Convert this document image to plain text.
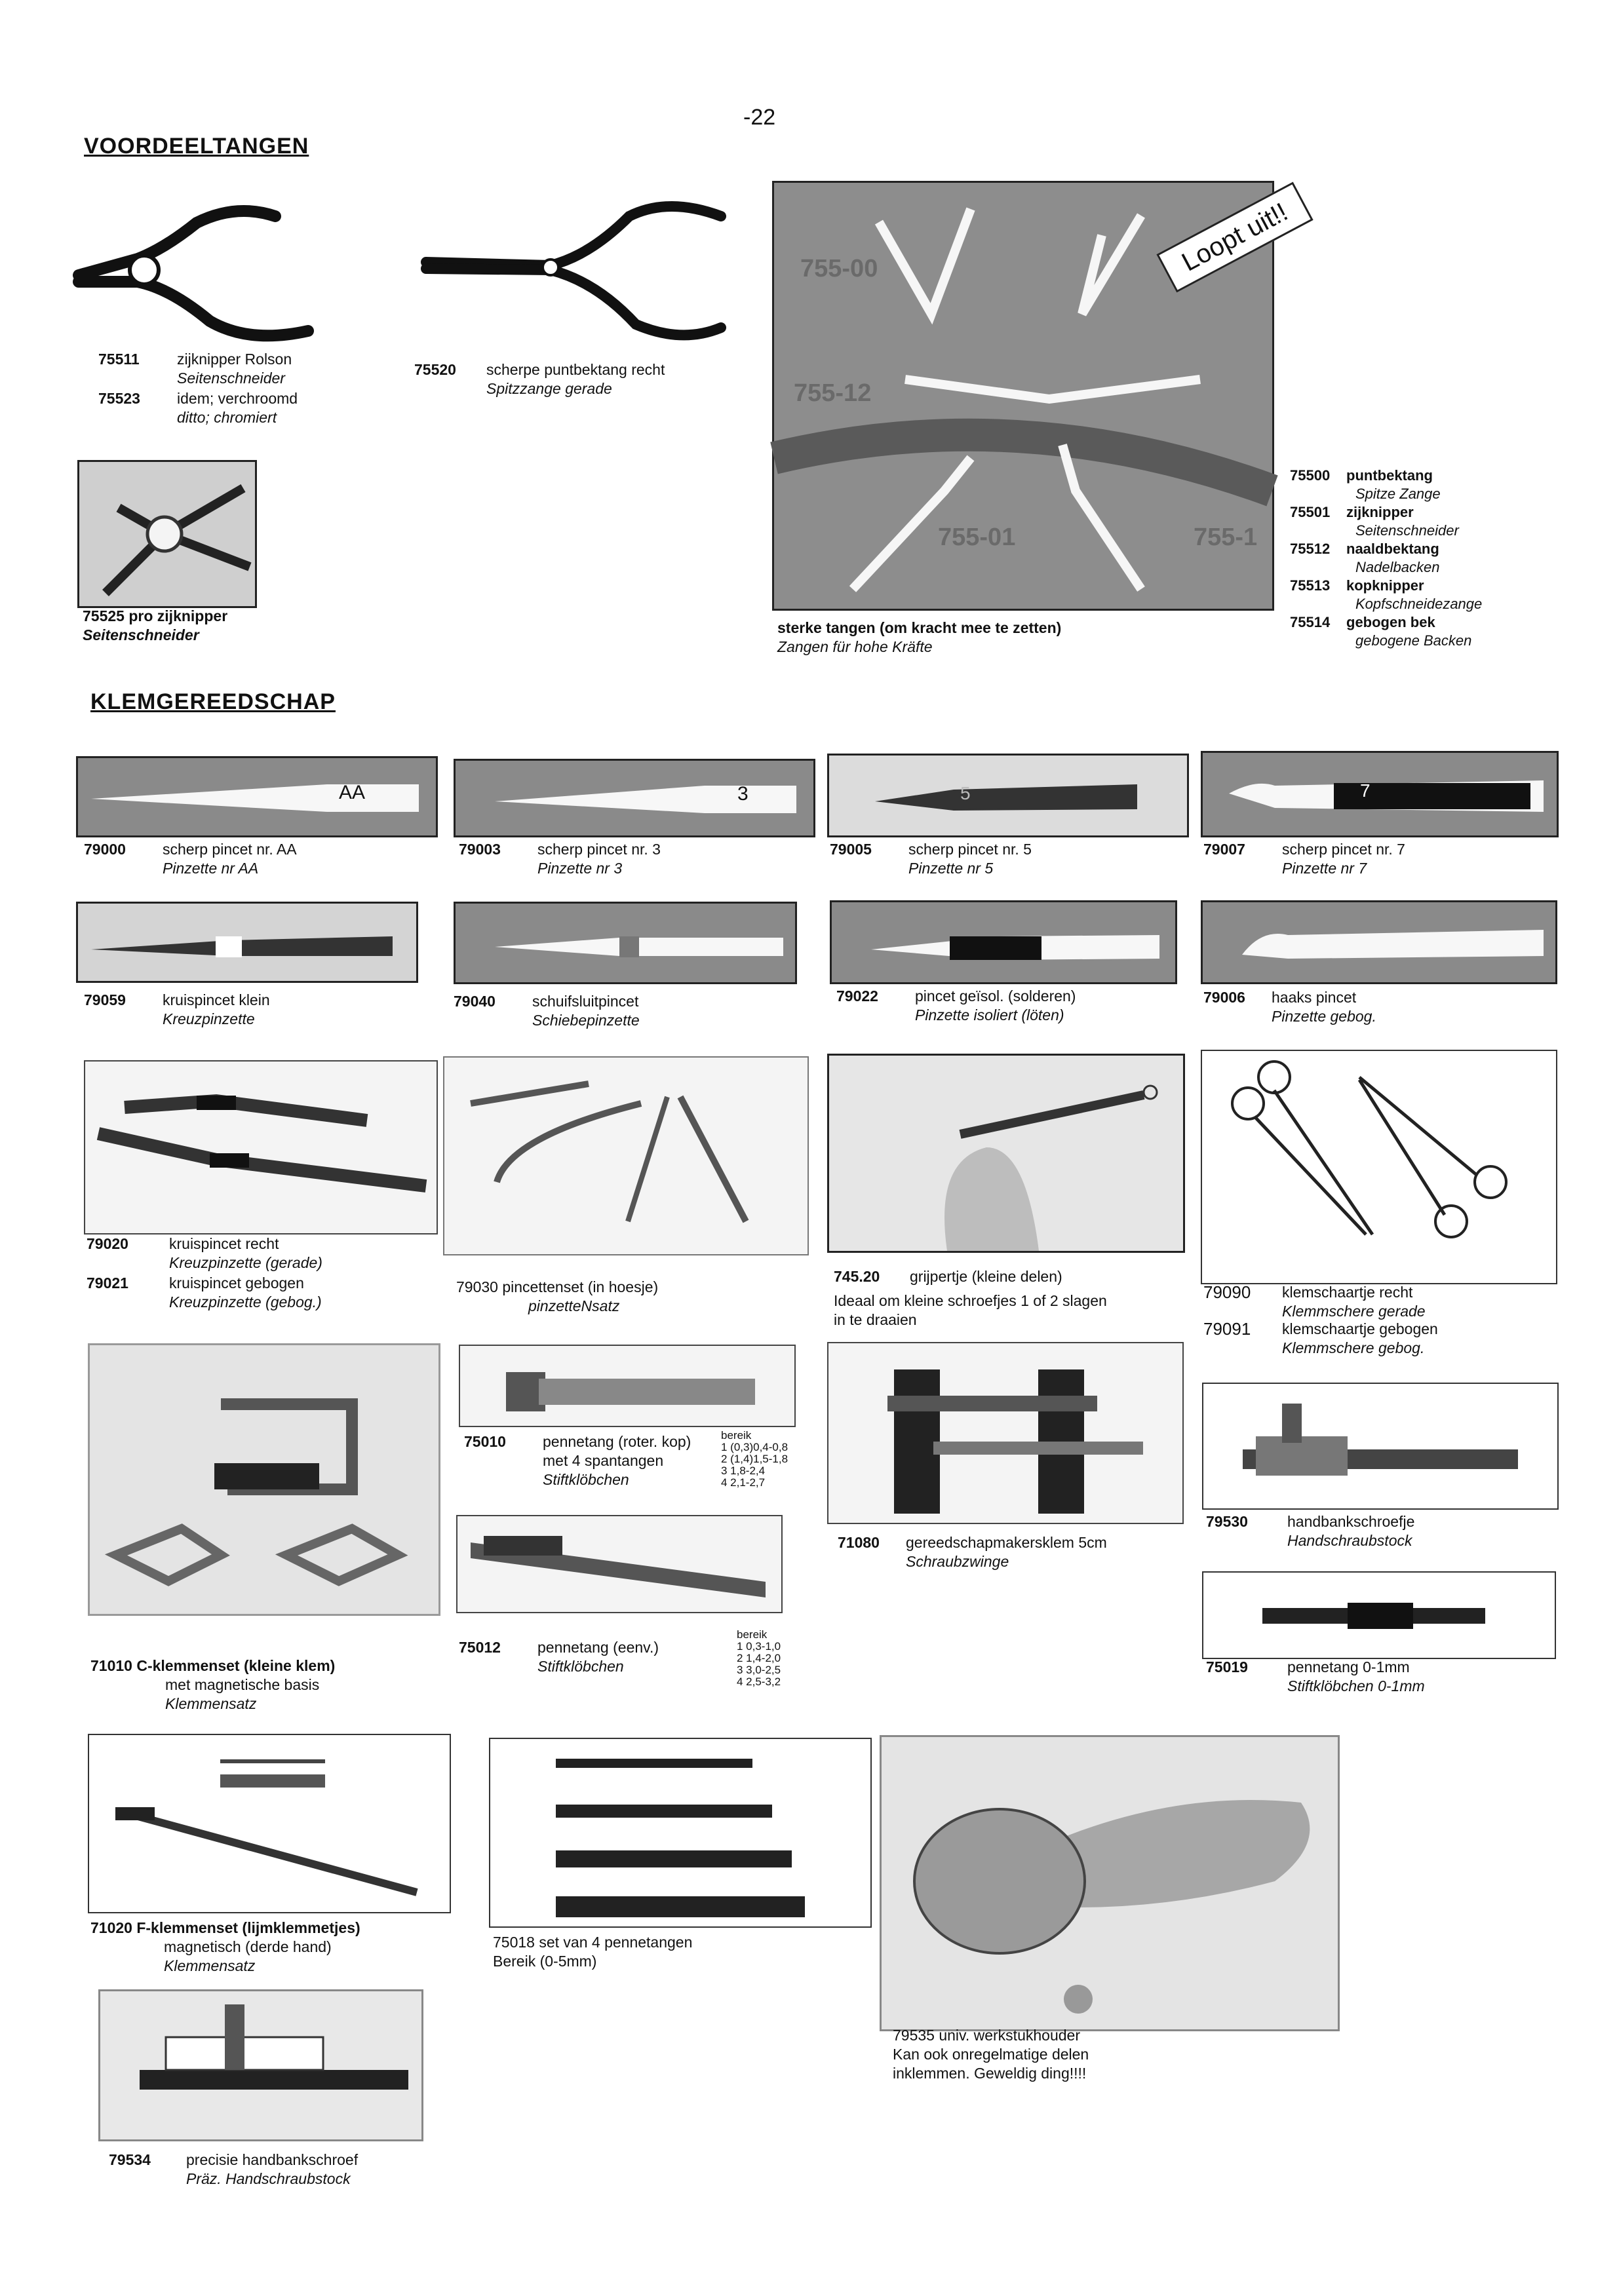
-22
VOORDEELTANGEN
KLEMGEREEDSCHAP
75511 zijknipper Rolson
Seitenschneider
75523 idem; verchroomd
ditto; chromiert
75520 scherpe puntbektang recht
Spitzzange gerade
75525 pro zijknipper
Seitenschneider
755-00
755-12
755-01	755-1
Loopt uit!!
sterke tangen (om kracht mee te zetten)
Zangen für hohe Kräfte
75500 puntbektang
Spitze Zange
75501 zijknipper
Seitenschneider
75512 naaldbektang
Nadelbacken
75513 kopknipper
Kopfschneidezange
75514 gebogen bek
gebogene Backen
AA	3	5	7
79000 scherp pincet nr. AA
Pinzette nr AA
79003 scherp pincet nr. 3
Pinzette nr 3
79005 scherp pincet nr. 5
Pinzette nr 5
79007 scherp pincet nr. 7
Pinzette nr 7
79059 kruispincet klein
Kreuzpinzette
79040 schuifsluitpincet
Schiebepinzette
79022 pincet geïsol. (solderen)
Pinzette isoliert (löten)
79006 haaks pincet
Pinzette gebog.
79020	kruispincet recht
Kreuzpinzette (gerade)
79021	kruispincet gebogen
Kreuzpinzette (gebog.)
79030 pincettenset (in hoesje)
pinzetteNsatz
745.20 grijpertje (kleine delen)
Ideaal om kleine schroefjes 1 of 2 slagen
in te draaien
79090 klemschaartje recht
Klemmschere gerade
79091 klemschaartje gebogen
Klemmschere gebog.
75010 pennetang (roter. kop)
met 4 spantangen
Stiftklöbchen
bereik
1 (0,3)0,4-0,8
2 (1,4)1,5-1,8
3 1,8-2,4
4 2,1-2,7
75012 pennetang (eenv.)
Stiftklöbchen
bereik
1 0,3-1,0
2 1,4-2,0
3 3,0-2,5
4 2,5-3,2
71080 gereedschapmakersklem 5cm
Schraubzwinge
79530	handbankschroefje
Handschraubstock
75019	pennetang 0-1mm
Stiftklöbchen 0-1mm
71010 C-klemmenset (kleine klem)
met magnetische basis
Klemmensatz
71020 F-klemmenset (lijmklemmetjes)
magnetisch (derde hand)
Klemmensatz
75018 set van 4 pennetangen
Bereik (0-5mm)
79535 univ. werkstukhouder
Kan ook onregelmatige delen
inklemmen. Geweldig ding!!!!
79534 precisie handbankschroef
Präz. Handschraubstock
